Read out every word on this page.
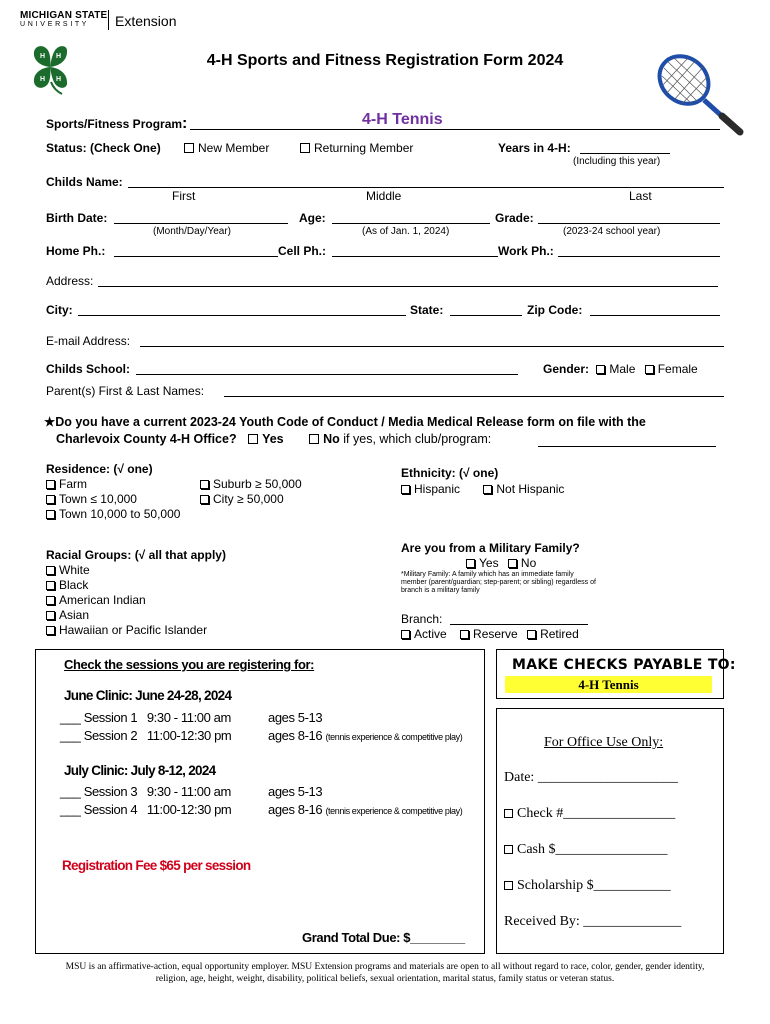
MICHIGAN STATE
U N I V E R S I T Y	Extension
H H
H H
4-H Sports and Fitness Registration Form 2024
Sports/Fitness Program:	4-H Tennis
Status: (Check One)	New Member	Returning Member	Years in 4-H:
(Including this year)
Childs Name:
First	Middle	Last
Birth Date:
(Month/Day/Year)
Age:
(As of Jan. 1, 2024)
Grade:
(2023-24 school year)
Home Ph.:	Cell Ph.:	Work Ph.:
Address:
City:	State:	Zip Code:
E-mail Address:
Childs School:	Gender: Male Female
Parent(s) First & Last Names:
★Do you have a current 2023-24 Youth Code of Conduct / Media Medical Release form on file with the
Charlevoix County 4-H Office? Yes	No if yes, which club/program:
Residence: (√ one)
Farm
Town ≤ 10,000
Town 10,000 to 50,000
Suburb ≥ 50,000
City ≥ 50,000
Ethnicity: (√ one)
Hispanic	Not Hispanic
Racial Groups: (√ all that apply)
White
Black
American Indian
Asian
Hawaiian or Pacific Islander
Are you from a Military Family?
Yes No
*Military Family: A family which has an immediate family member (parent/guardian; step-parent; or sibling) regardless of branch is a military family
Branch:
Active Reserve Retired
Check the sessions you are registering for:
June Clinic: June 24-28, 2024
___ Session 1   9:30 - 11:00 am	ages 5-13
___ Session 2   11:00-12:30 pm	ages 8-16 (tennis experience & competitive play)
July Clinic: July 8-12, 2024
___ Session 3   9:30 - 11:00 am	ages 5-13
___ Session 4   11:00-12:30 pm	ages 8-16 (tennis experience & competitive play)
Registration Fee $65 per session
Grand Total Due: $________
MAKE CHECKS PAYABLE TO:
4-H Tennis
For Office Use Only:
Date: ____________________
Check #________________
Cash $________________
Scholarship $___________
Received By: ______________
MSU is an affirmative-action, equal opportunity employer. MSU Extension programs and materials are open to all without regard to race, color, gender, gender identity,
religion, age, height, weight, disability, political beliefs, sexual orientation, marital status, family status or veteran status.
